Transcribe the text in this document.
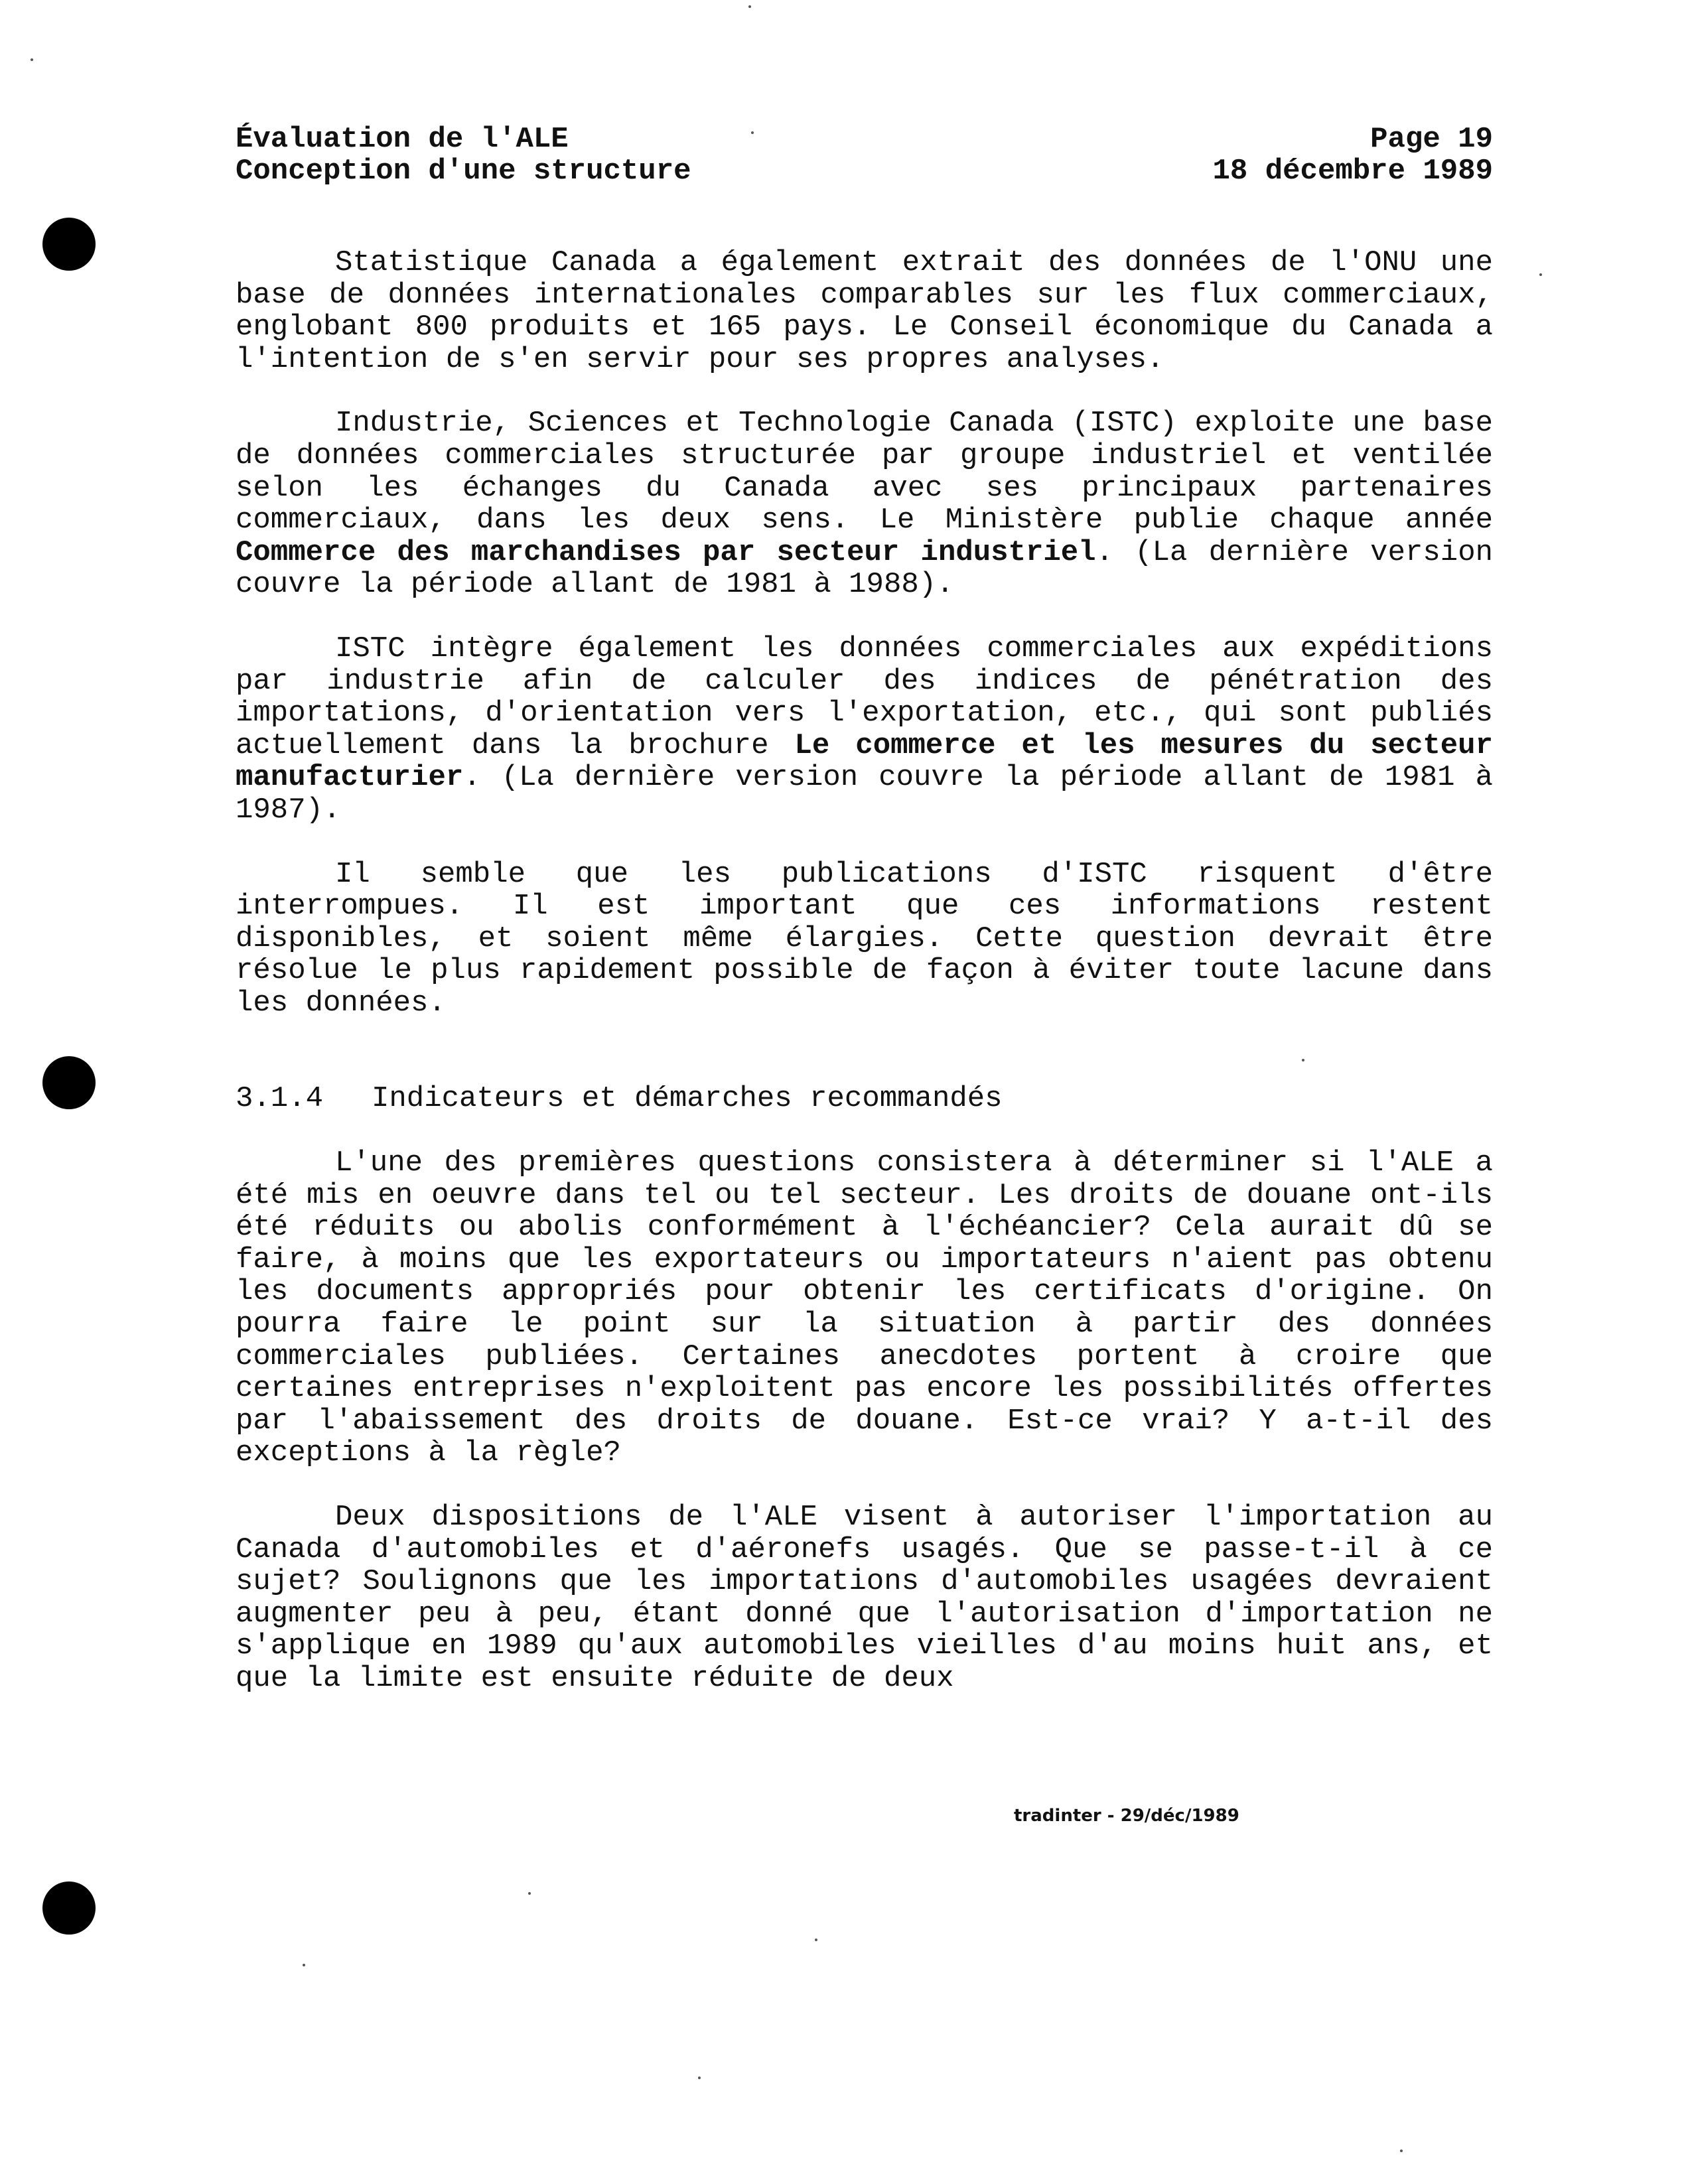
Évaluation de l'ALE
Conception d'une structure
Page 19
18 décembre 1989

Statistique Canada a également extrait des données de l'ONU une base de données internationales comparables sur les flux commerciaux, englobant 800 produits et 165 pays. Le Conseil économique du Canada a l'intention de s'en servir pour ses propres analyses.

Industrie, Sciences et Technologie Canada (ISTC) exploite une base de données commerciales structurée par groupe industriel et ventilée selon les échanges du Canada avec ses principaux partenaires commerciaux, dans les deux sens. Le Ministère publie chaque année Commerce des marchandises par secteur industriel. (La dernière version couvre la période allant de 1981 à 1988).

ISTC intègre également les données commerciales aux expéditions par industrie afin de calculer des indices de pénétration des importations, d'orientation vers l'exportation, etc., qui sont publiés actuellement dans la brochure Le commerce et les mesures du secteur manufacturier. (La dernière version couvre la période allant de 1981 à 1987).

Il semble que les publications d'ISTC risquent d'être interrompues. Il est important que ces informations restent disponibles, et soient même élargies. Cette question devrait être résolue le plus rapidement possible de façon à éviter toute lacune dans les données.

3.1.4 Indicateurs et démarches recommandés

L'une des premières questions consistera à déterminer si l'ALE a été mis en oeuvre dans tel ou tel secteur. Les droits de douane ont-ils été réduits ou abolis conformément à l'échéancier? Cela aurait dû se faire, à moins que les exportateurs ou importateurs n'aient pas obtenu les documents appropriés pour obtenir les certificats d'origine. On pourra faire le point sur la situation à partir des données commerciales publiées. Certaines anecdotes portent à croire que certaines entreprises n'exploitent pas encore les possibilités offertes par l'abaissement des droits de douane. Est-ce vrai? Y a-t-il des exceptions à la règle?

Deux dispositions de l'ALE visent à autoriser l'importation au Canada d'automobiles et d'aéronefs usagés. Que se passe-t-il à ce sujet? Soulignons que les importations d'automobiles usagées devraient augmenter peu à peu, étant donné que l'autorisation d'importation ne s'applique en 1989 qu'aux automobiles vieilles d'au moins huit ans, et que la limite est ensuite réduite de deux

tradinter - 29/déc/1989
